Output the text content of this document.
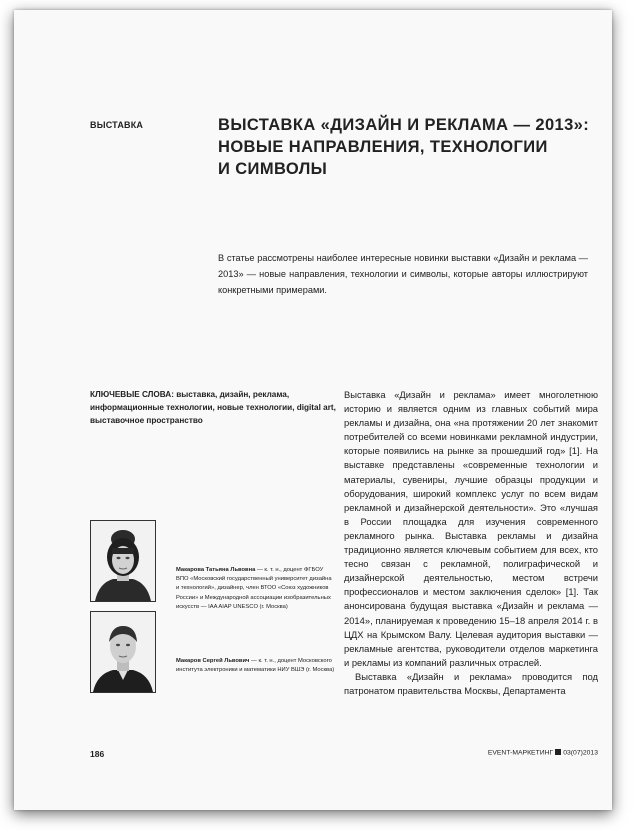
ВЫСТАВКА	ВЫСТАВКА «ДИЗАЙН И РЕКЛАМА — 2013»:
НОВЫЕ НАПРАВЛЕНИЯ, ТЕХНОЛОГИИ
И СИМВОЛЫ
В статье рассмотрены наиболее интересные новинки выставки «Дизайн и реклама — 2013» — новые направления, технологии и символы, которые авторы иллюстрируют конкретными примерами.
КЛЮЧЕВЫЕ СЛОВА: выставка, дизайн, реклама, информационные технологии, новые технологии, digital art, выставочное пространство
Макарова Татьяна Львовна — к. т. н., доцент ФГБОУ ВПО «Московский государственный университет дизайна и технологий», дизайнер, член ВТОО «Союз художников России» и Международной ассоциации изобразительных искусств — IAA AIAP UNESCO (г. Москва)
Макаров Сергей Львович — к. т. н., доцент Московского института электроники и математики НИУ ВШЭ (г. Москва)

Выставка «Дизайн и реклама» имеет многолетнюю историю и является одним из главных событий мира рекламы и дизайна, она «на протяжении 20 лет знакомит потребителей со всеми новинками рекламной индустрии, которые появились на рынке за прошедший год» [1]. На выставке представлены «современные технологии и материалы, сувениры, лучшие образцы продукции и оборудования, широкий комплекс услуг по всем видам рекламной и дизайнерской деятельности». Это «лучшая в России площадка для изучения современного рекламного рынка. Выставка рекламы и дизайна традиционно является ключевым событием для всех, кто тесно связан с рекламной, полиграфической и дизайнерской деятельностью, местом встречи профессионалов и местом заключения сделок» [1]. Так анонсирована будущая выставка «Дизайн и реклама — 2014», планируемая к проведению 15–18 апреля 2014 г. в ЦДХ на Крымском Валу. Целевая аудитория выставки — рекламные агентства, руководители отделов маркетинга и рекламы из компаний различных отраслей.

Выставка «Дизайн и реклама» проводится под патронатом правительства Москвы, Департамента

186	EVENT-МАРКЕТИНГ 03(07)2013
